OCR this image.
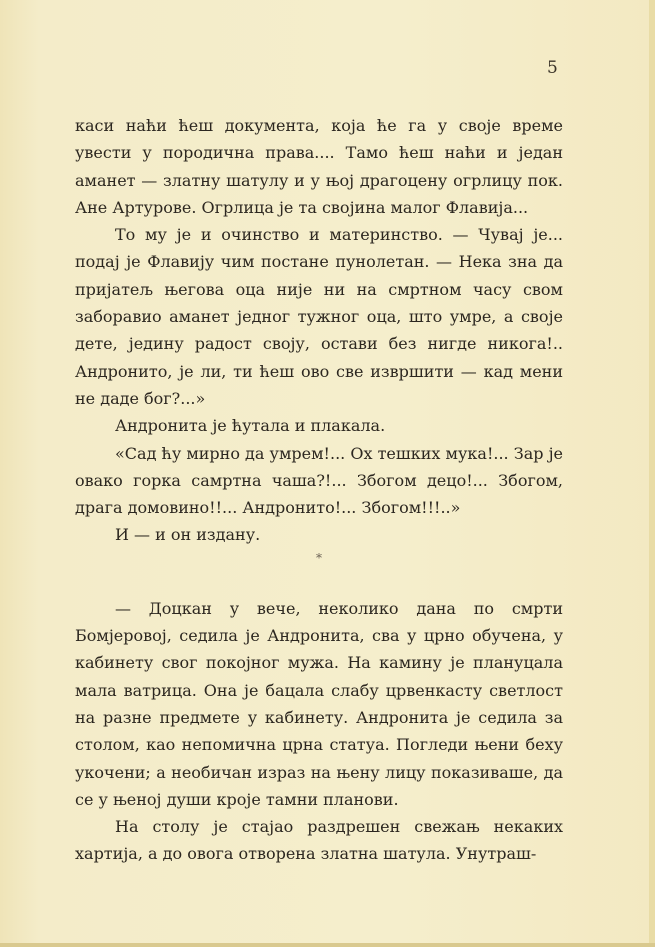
5

каси наћи ћеш документа, која ће га у своје време увести у породична права.... Тамо ћеш наћи и један аманет — златну шатулу и у њој драгоцену огрлицу пок. Ане Артурове. Огрлица је та својина малог Флавија...

То му је и очинство и материнство. — Чувај је... подај је Флавију чим постане пунолетан. — Нека зна да пријатељ његова оца није ни на смртном часу свом заборавио аманет једног тужног оца, што умре, а своје дете, једину радост своју, остави без нигде никога!.. Андронито, је ли, ти ћеш ово све извршити — кад мени не даде бог?...»

Андронита је ћутала и плакала.

«Сад ћу мирно да умрем!... Ох тешких мука!... Зар је овако горка самртна чаша?!... Збогом децо!... Збогом, драга домовино!!... Андронито!... Збогом!!!..»

И — и он издану.

*

— Доцкан у вече, неколико дана по смрти Бомјеровој, седила је Андронита, сва у црно обучена, у кабинету свог покојног мужа. На камину је плануцала мала ватрица. Она је бацала слабу црвенкасту светлост на разне предмете у кабинету. Андронита је седила за столом, као непомична црна статуа. Погледи њени беху укочени; а необичан израз на њену лицу показиваше, да се у њеној души кроје тамни планови.

На столу је стајао раздрешен свежањ некаких хартија, а до овога отворена златна шатула. Унутраш-
